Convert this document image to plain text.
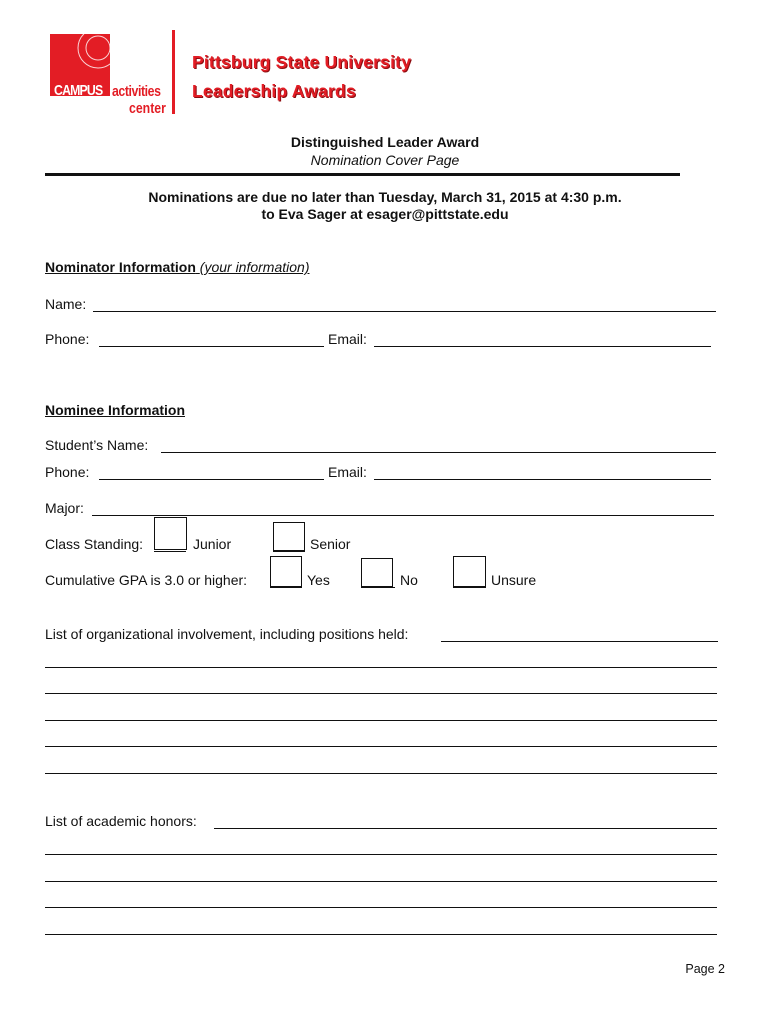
CAMPUS activities
center
Pittsburg State University
Leadership Awards
Distinguished Leader Award
Nomination Cover Page
Nominations are due no later than Tuesday, March 31, 2015 at 4:30 p.m.
to Eva Sager at esager@pittstate.edu
Nominator Information (your information)
Name:
Phone:	Email:
Nominee Information
Student’s Name:
Phone:	Email:
Major:
Class Standing:	Junior	Senior
Cumulative GPA is 3.0 or higher:	Yes	No	Unsure
List of organizational involvement, including positions held:
List of academic honors:
Page 2
